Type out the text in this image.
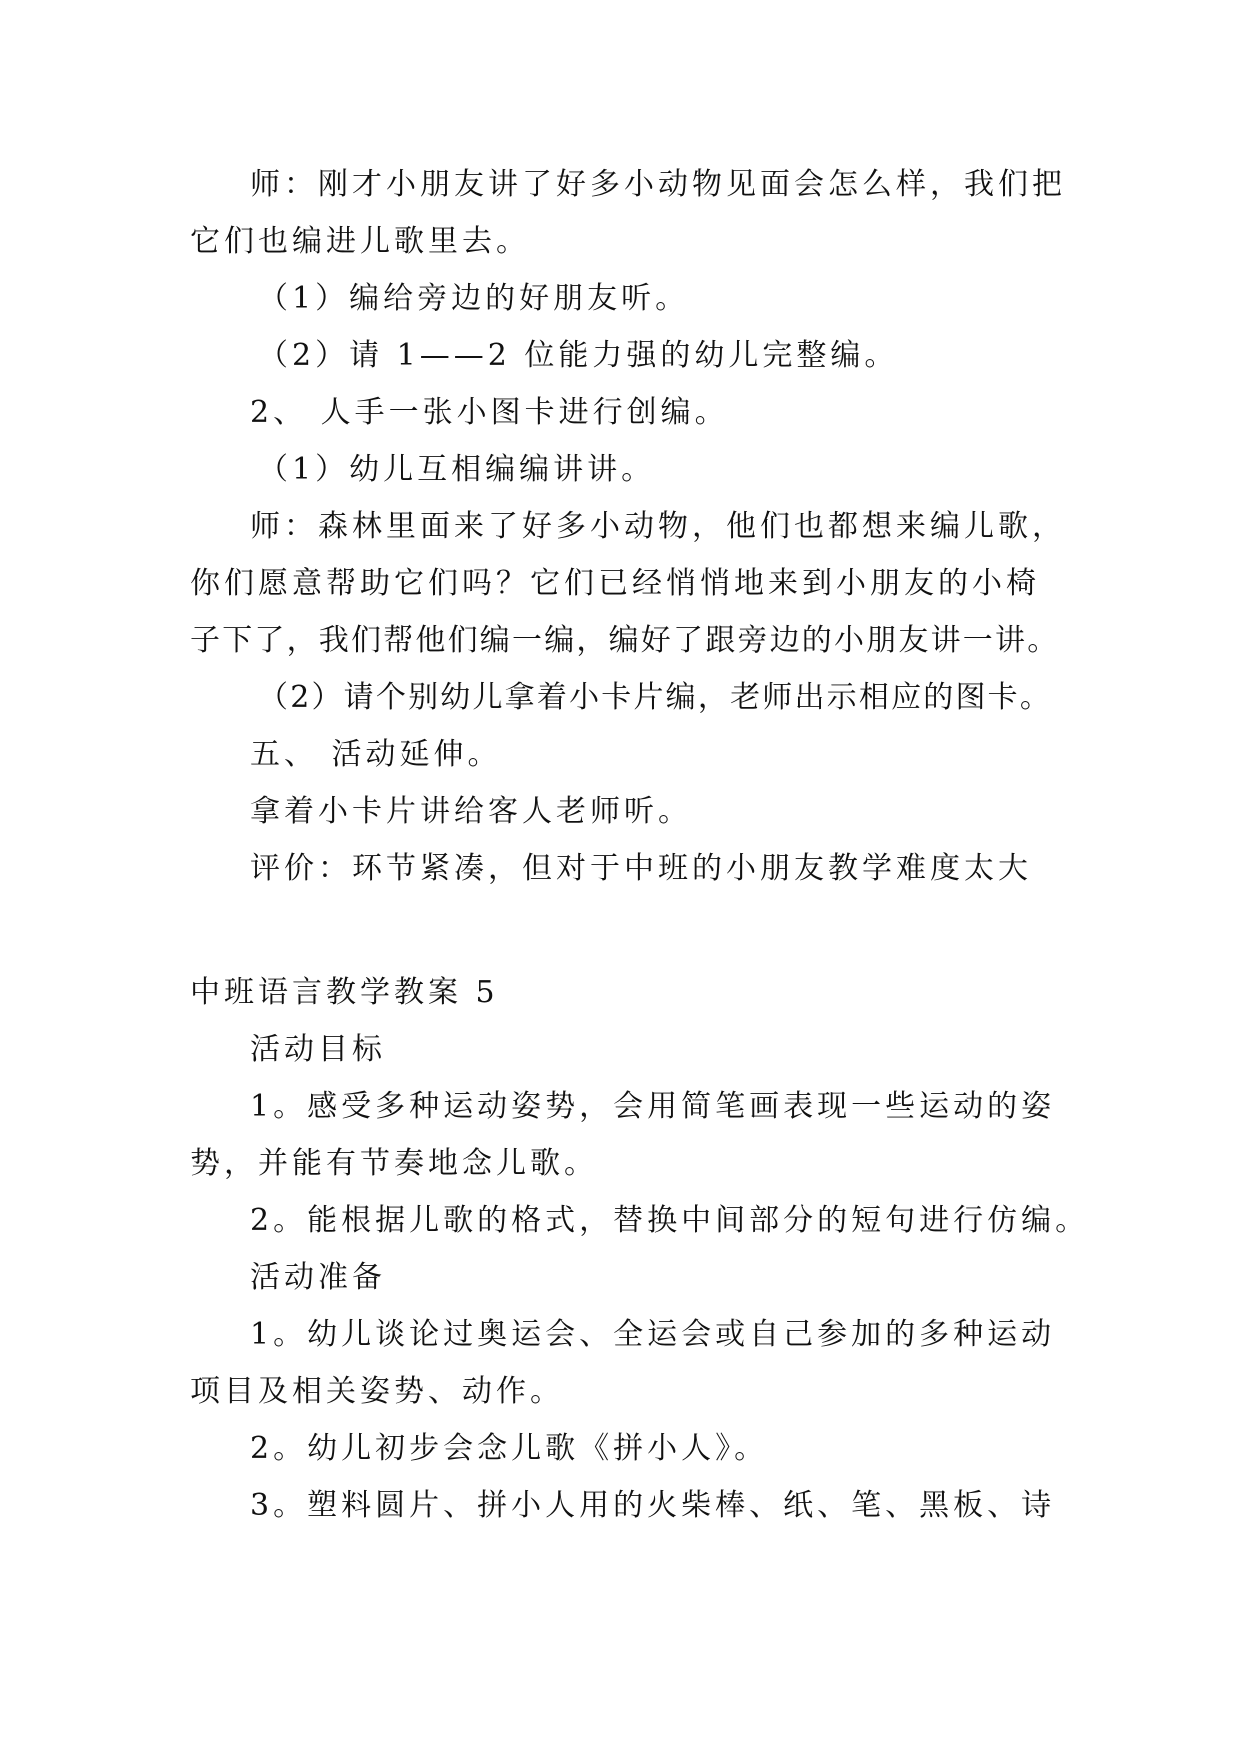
师：刚才小朋友讲了好多小动物见面会怎么样，我们把
它们也编进儿歌里去。
（1）编给旁边的好朋友听。
（2）请 1——2 位能力强的幼儿完整编。
2、 人手一张小图卡进行创编。
（1）幼儿互相编编讲讲。
师：森林里面来了好多小动物，他们也都想来编儿歌，
你们愿意帮助它们吗？它们已经悄悄地来到小朋友的小椅
子下了，我们帮他们编一编，编好了跟旁边的小朋友讲一讲。
（2）请个别幼儿拿着小卡片编，老师出示相应的图卡。
五、 活动延伸。
拿着小卡片讲给客人老师听。
评价：环节紧凑，但对于中班的小朋友教学难度太大
中班语言教学教案 5
活动目标
1。感受多种运动姿势，会用简笔画表现一些运动的姿
势，并能有节奏地念儿歌。
2。能根据儿歌的格式，替换中间部分的短句进行仿编。
活动准备
1。幼儿谈论过奥运会、全运会或自己参加的多种运动
项目及相关姿势、动作。
2。幼儿初步会念儿歌《拼小人》。
3。塑料圆片、拼小人用的火柴棒、纸、笔、黑板、诗
